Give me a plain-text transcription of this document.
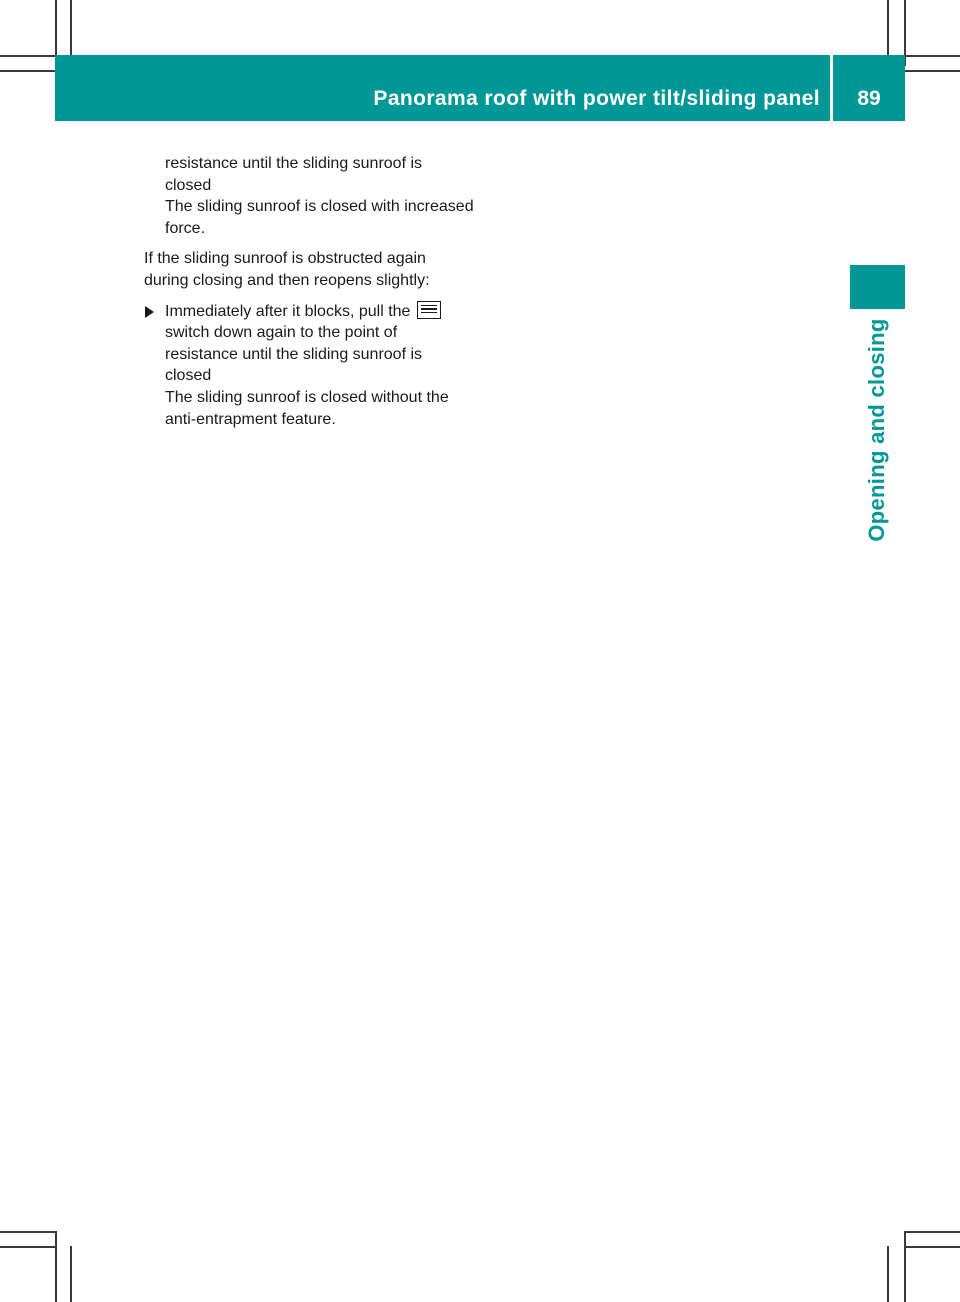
Panorama roof with power tilt/sliding panel	89
Opening and closing

resistance until the sliding sunroof is

closed

The sliding sunroof is closed with increased

force.

If the sliding sunroof is obstructed again

during closing and then reopens slightly:

Immediately after it blocks, pull the

switch down again to the point of

resistance until the sliding sunroof is

closed

The sliding sunroof is closed without the

anti-entrapment feature.
